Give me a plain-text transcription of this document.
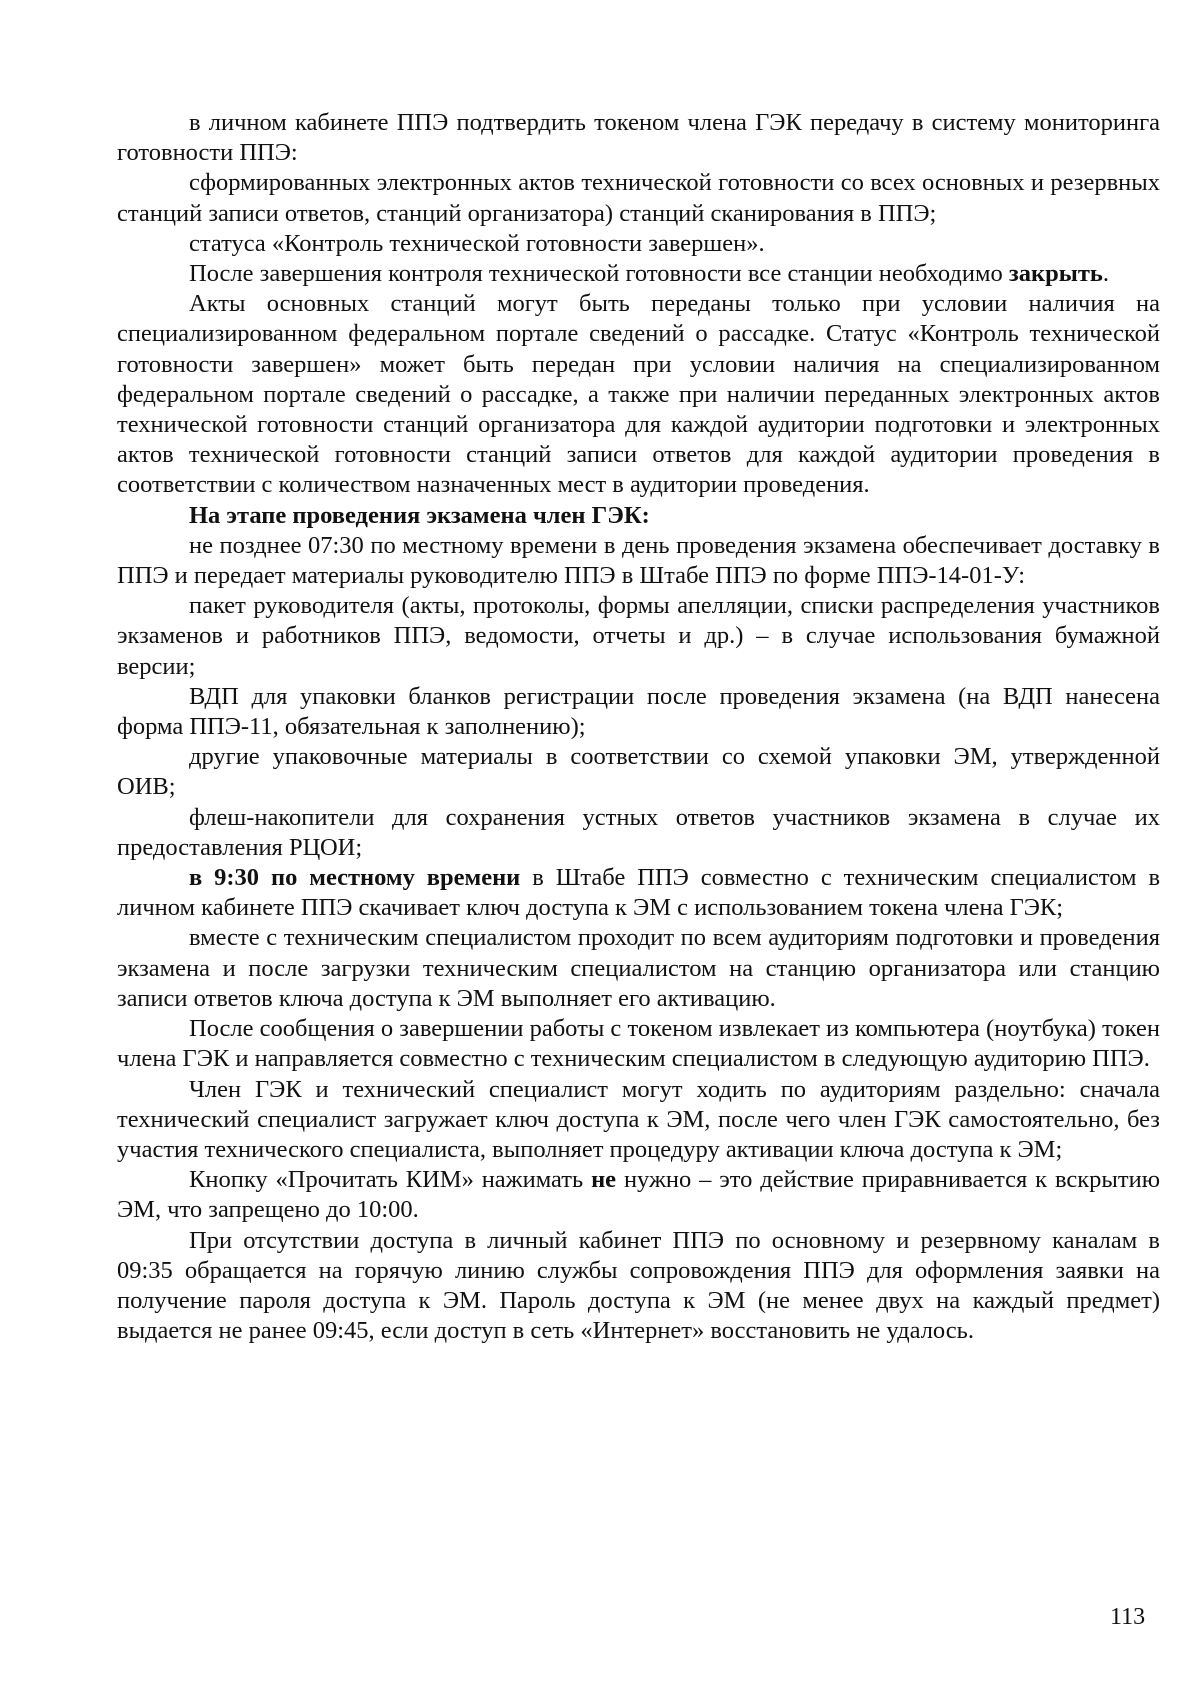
в личном кабинете ППЭ подтвердить токеном члена ГЭК передачу в систему мониторинга готовности ППЭ:

сформированных электронных актов технической готовности со всех основных и резервных станций записи ответов, станций организатора) станций сканирования в ППЭ;

статуса «Контроль технической готовности завершен».

После завершения контроля технической готовности все станции необходимо закрыть.

Акты основных станций могут быть переданы только при условии наличия на специализированном федеральном портале сведений о рассадке. Статус «Контроль технической готовности завершен» может быть передан при условии наличия на специализированном федеральном портале сведений о рассадке, а также при наличии переданных электронных актов технической готовности станций организатора для каждой аудитории подготовки и электронных актов технической готовности станций записи ответов для каждой аудитории проведения в соответствии с количеством назначенных мест в аудитории проведения.

На этапе проведения экзамена член ГЭК:

не позднее 07:30 по местному времени в день проведения экзамена обеспечивает доставку в ППЭ и передает материалы руководителю ППЭ в Штабе ППЭ по форме ППЭ-14-01-У:

пакет руководителя (акты, протоколы, формы апелляции, списки распределения участников экзаменов и работников ППЭ, ведомости, отчеты и др.) – в случае использования бумажной версии;

ВДП для упаковки бланков регистрации после проведения экзамена (на ВДП нанесена форма ППЭ-11, обязательная к заполнению);

другие упаковочные материалы в соответствии со схемой упаковки ЭМ, утвержденной ОИВ;

флеш-накопители для сохранения устных ответов участников экзамена в случае их предоставления РЦОИ;

в 9:30 по местному времени в Штабе ППЭ совместно с техническим специалистом в личном кабинете ППЭ скачивает ключ доступа к ЭМ с использованием токена члена ГЭК;

вместе с техническим специалистом проходит по всем аудиториям подготовки и проведения экзамена и после загрузки техническим специалистом на станцию организатора или станцию записи ответов ключа доступа к ЭМ выполняет его активацию.

После сообщения о завершении работы с токеном извлекает из компьютера (ноутбука) токен члена ГЭК и направляется совместно с техническим специалистом в следующую аудиторию ППЭ.

Член ГЭК и технический специалист могут ходить по аудиториям раздельно: сначала технический специалист загружает ключ доступа к ЭМ, после чего член ГЭК самостоятельно, без участия технического специалиста, выполняет процедуру активации ключа доступа к ЭМ;

Кнопку «Прочитать КИМ» нажимать не нужно – это действие приравнивается к вскрытию ЭМ, что запрещено до 10:00.

При отсутствии доступа в личный кабинет ППЭ по основному и резервному каналам в 09:35 обращается на горячую линию службы сопровождения ППЭ для оформления заявки на получение пароля доступа к ЭМ. Пароль доступа к ЭМ (не менее двух на каждый предмет) выдается не ранее 09:45, если доступ в сеть «Интернет» восстановить не удалось.

113
